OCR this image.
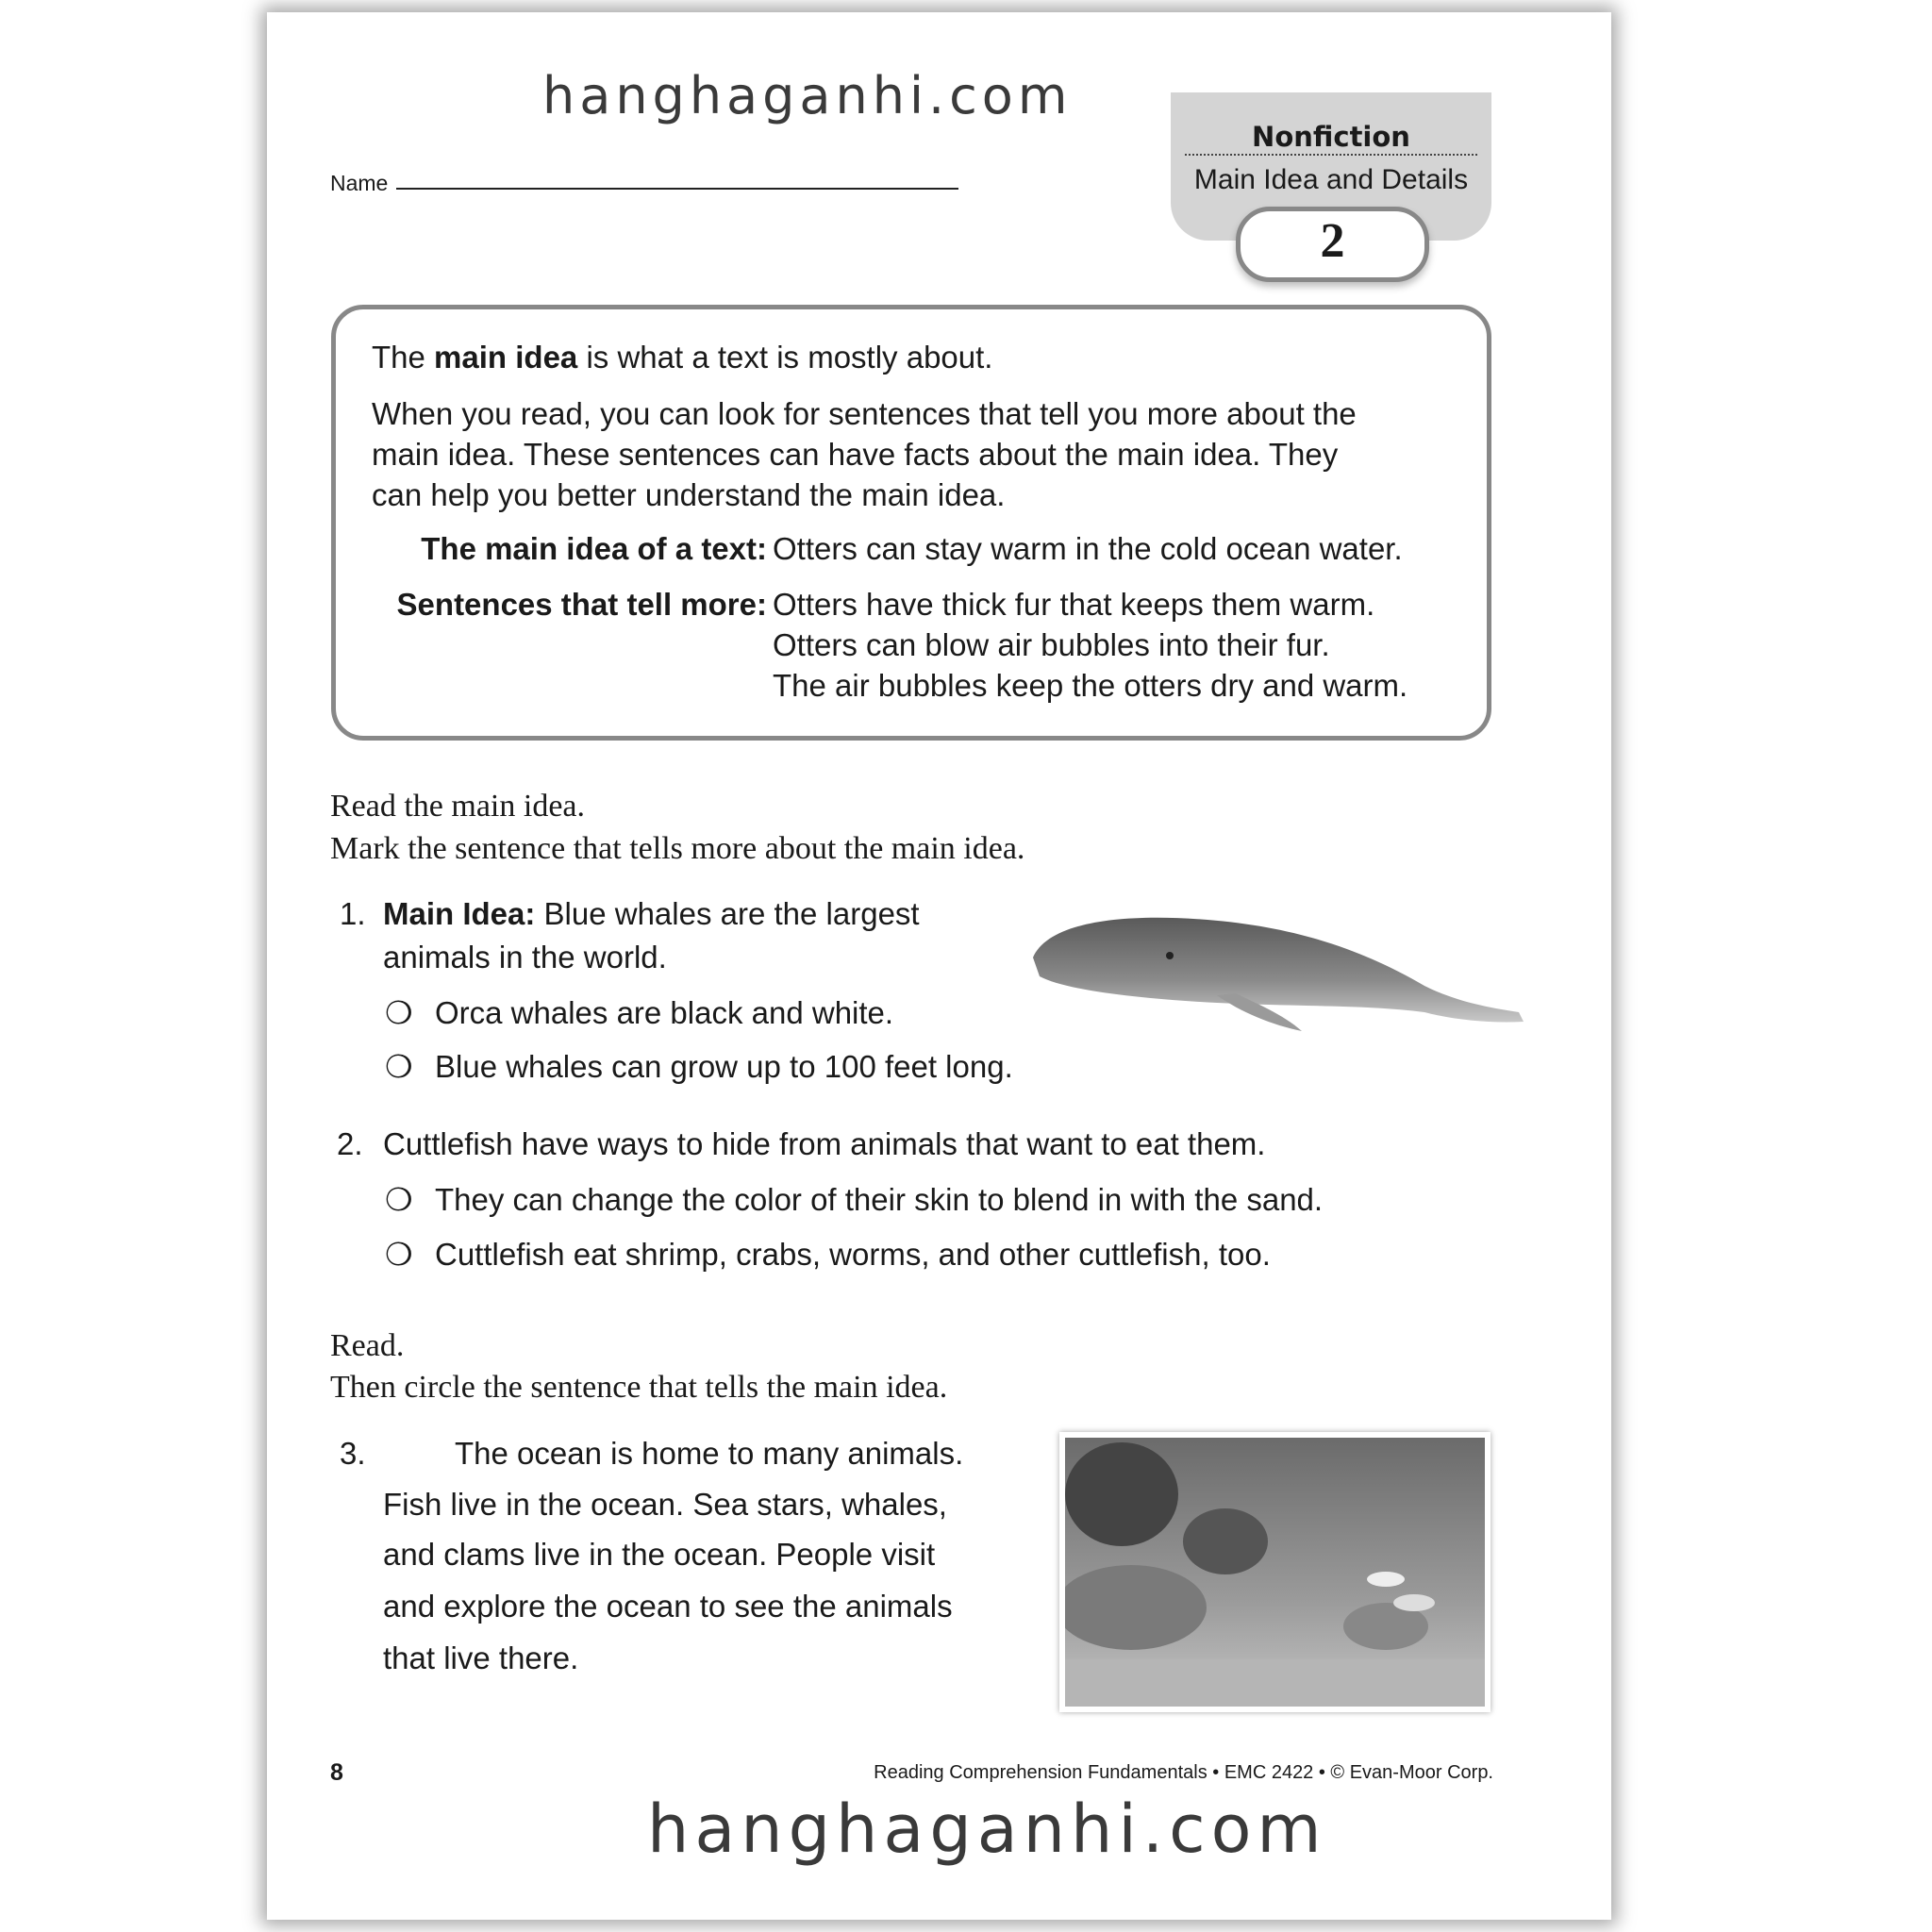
hanghaganhi.com
Name
Nonfiction
Main Idea and Details
2
The main idea is what a text is mostly about.
When you read, you can look for sentences that tell you more about the
main idea. These sentences can have facts about the main idea. They
can help you better understand the main idea.
The main idea of a text: Otters can stay warm in the cold ocean water.
Sentences that tell more: Otters have thick fur that keeps them warm.
Otters can blow air bubbles into their fur.
The air bubbles keep the otters dry and warm.
Read the main idea.
Mark the sentence that tells more about the main idea.
1. Main Idea: Blue whales are the largest
animals in the world.
❍ Orca whales are black and white.
❍ Blue whales can grow up to 100 feet long.
2. Cuttlefish have ways to hide from animals that want to eat them.
❍ They can change the color of their skin to blend in with the sand.
❍ Cuttlefish eat shrimp, crabs, worms, and other cuttlefish, too.
Read.
Then circle the sentence that tells the main idea.
3.	The ocean is home to many animals.
Fish live in the ocean. Sea stars, whales,
and clams live in the ocean. People visit
and explore the ocean to see the animals
that live there.
8	Reading Comprehension Fundamentals • EMC 2422 • © Evan-Moor Corp.
hanghaganhi.com
